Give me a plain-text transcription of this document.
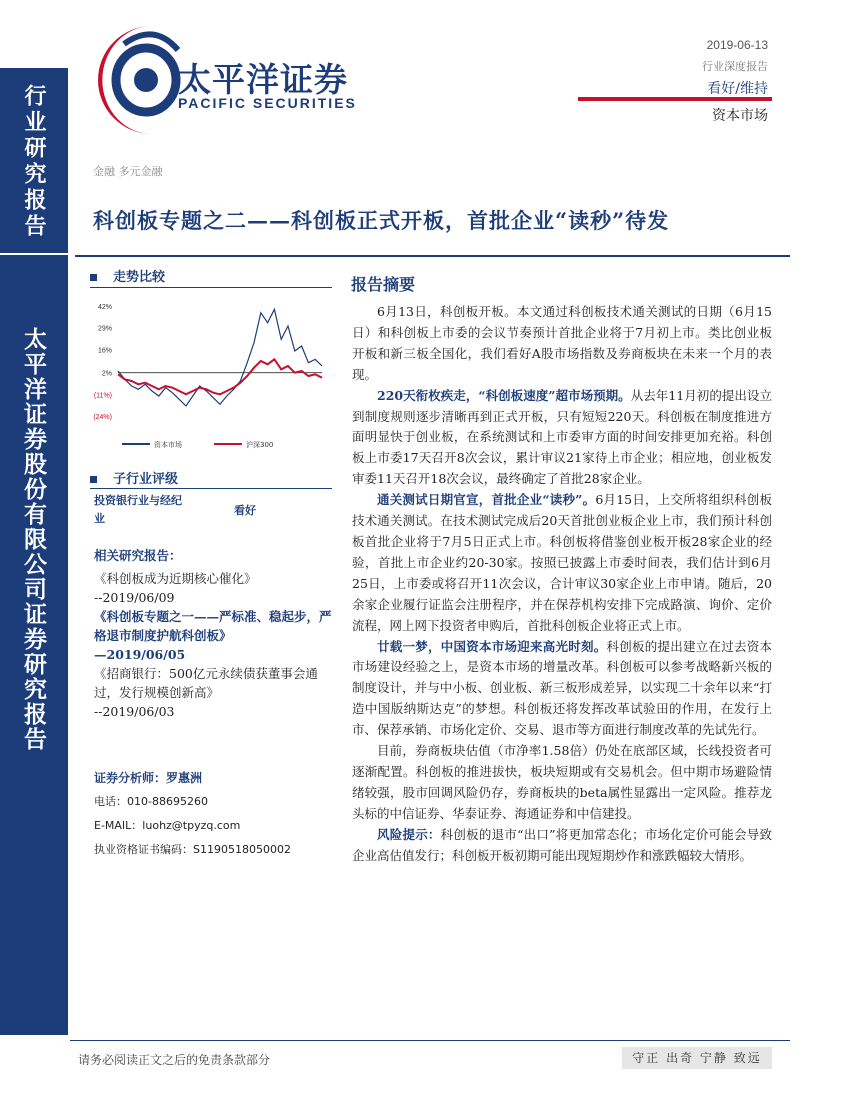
行业研究报告
太平洋证券股份有限公司证券研究报告
太平洋证券
PACIFIC SECURITIES
2019-06-13
行业深度报告
看好/维持
资本市场
金融 多元金融
科创板专题之二——科创板正式开板，首批企业“读秒”待发
走势比较
42%
29%
16%
2%
(11%)
(24%)
资本市场	沪深300
子行业评级
投资银行业与经纪业看好
相关研究报告：
《科创板成为近期核心催化》
--2019/06/09
《科创板专题之一——严标准、稳起步，严格退市制度护航科创板》
—2019/06/05
《招商银行：500亿元永续债获董事会通过，发行规模创新高》
--2019/06/03
证券分析师：罗惠洲
电话：010-88695260
E-MAIL：luohz@tpyzq.com
执业资格证书编码：S1190518050002
报告摘要

6月13日，科创板开板。本文通过科创板技术通关测试的日期（6月15日）和科创板上市委的会议节奏预计首批企业将于7月初上市。类比创业板开板和新三板全国化，我们看好A股市场指数及券商板块在未来一个月的表现。

220天衔枚疾走，“科创板速度”超市场预期。从去年11月初的提出设立到制度规则逐步清晰再到正式开板，只有短短220天。科创板在制度推进方面明显快于创业板，在系统测试和上市委审方面的时间安排更加充裕。科创板上市委17天召开8次会议，累计审议21家待上市企业；相应地，创业板发审委11天召开18次会议，最终确定了首批28家企业。

通关测试日期官宣，首批企业“读秒”。6月15日，上交所将组织科创板技术通关测试。在技术测试完成后20天首批创业板企业上市，我们预计科创板首批企业将于7月5日正式上市。科创板将借鉴创业板开板28家企业的经验，首批上市企业约20-30家。按照已披露上市委时间表，我们估计到6月25日，上市委或将召开11次会议，合计审议30家企业上市申请。随后，20余家企业履行证监会注册程序，并在保荐机构安排下完成路演、询价、定价流程，网上网下投资者申购后，首批科创板企业将正式上市。

廿载一梦，中国资本市场迎来高光时刻。科创板的提出建立在过去资本市场建设经验之上，是资本市场的增量改革。科创板可以参考战略新兴板的制度设计，并与中小板、创业板、新三板形成差异，以实现二十余年以来“打造中国版纳斯达克”的梦想。科创板还将发挥改革试验田的作用，在发行上市、保荐承销、市场化定价、交易、退市等方面进行制度改革的先试先行。

目前，券商板块估值（市净率1.58倍）仍处在底部区域，长线投资者可逐渐配置。科创板的推进拔快，板块短期或有交易机会。但中期市场避险情绪较强，股市回调风险仍存，券商板块的beta属性显露出一定风险。推荐龙头标的中信证券、华泰证券、海通证券和中信建投。

风险提示：科创板的退市“出口”将更加常态化；市场化定价可能会导致企业高估值发行；科创板开板初期可能出现短期炒作和涨跌幅较大情形。

请务必阅读正文之后的免责条款部分	守正 出奇 宁静 致远
